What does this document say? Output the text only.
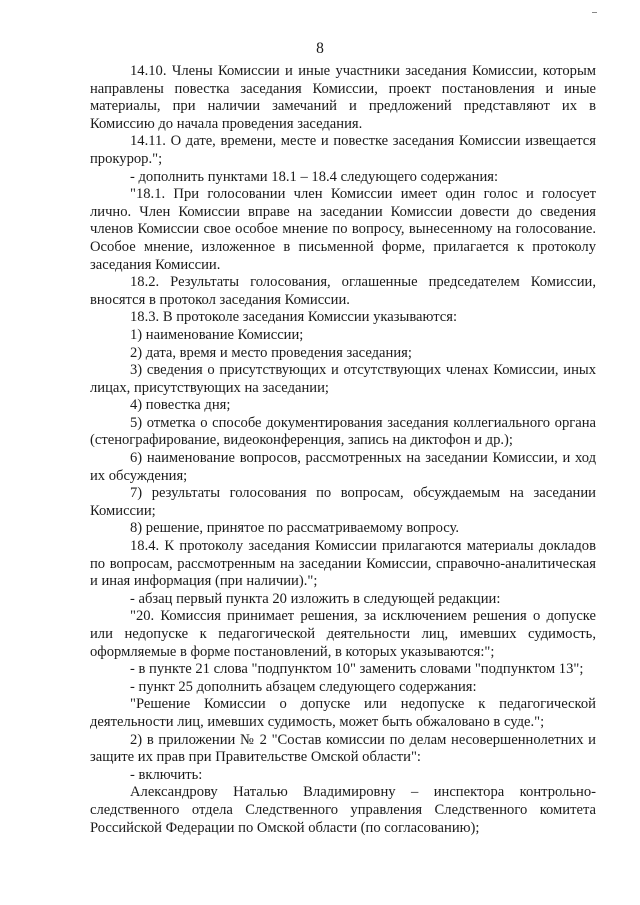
8

14.10. Члены Комиссии и иные участники заседания Комиссии, которым направлены повестка заседания Комиссии, проект постановления и иные материалы, при наличии замечаний и предложений представляют их в Комиссию до начала проведения заседания.

14.11. О дате, времени, месте и повестке заседания Комиссии извещается прокурор.";

- дополнить пунктами 18.1 – 18.4 следующего содержания:

"18.1. При голосовании член Комиссии имеет один голос и голосует лично. Член Комиссии вправе на заседании Комиссии довести до сведения членов Комиссии свое особое мнение по вопросу, вынесенному на голосование. Особое мнение, изложенное в письменной форме, прилагается к протоколу заседания Комиссии.

18.2. Результаты голосования, оглашенные председателем Комиссии, вносятся в протокол заседания Комиссии.

18.3. В протоколе заседания Комиссии указываются:

1) наименование Комиссии;

2) дата, время и место проведения заседания;

3) сведения о присутствующих и отсутствующих членах Комиссии, иных лицах, присутствующих на заседании;

4) повестка дня;

5) отметка о способе документирования заседания коллегиального органа (стенографирование, видеоконференция, запись на диктофон и др.);

6) наименование вопросов, рассмотренных на заседании Комиссии, и ход их обсуждения;

7) результаты голосования по вопросам, обсуждаемым на заседании Комиссии;

8) решение, принятое по рассматриваемому вопросу.

18.4. К протоколу заседания Комиссии прилагаются материалы докладов по вопросам, рассмотренным на заседании Комиссии, справочно-аналитическая и иная информация (при наличии).";

- абзац первый пункта 20 изложить в следующей редакции:

"20. Комиссия принимает решения, за исключением решения о допуске или недопуске к педагогической деятельности лиц, имевших судимость, оформляемые в форме постановлений, в которых указываются:";

- в пункте 21 слова "подпунктом 10" заменить словами "подпунктом 13";

- пункт 25 дополнить абзацем следующего содержания:

"Решение Комиссии о допуске или недопуске к педагогической деятельности лиц, имевших судимость, может быть обжаловано в суде.";

2) в приложении № 2 "Состав комиссии по делам несовершеннолетних и защите их прав при Правительстве Омской области":

- включить:

Александрову Наталью Владимировну – инспектора контрольно-следственного отдела Следственного управления Следственного комитета Российской Федерации по Омской области (по согласованию);
